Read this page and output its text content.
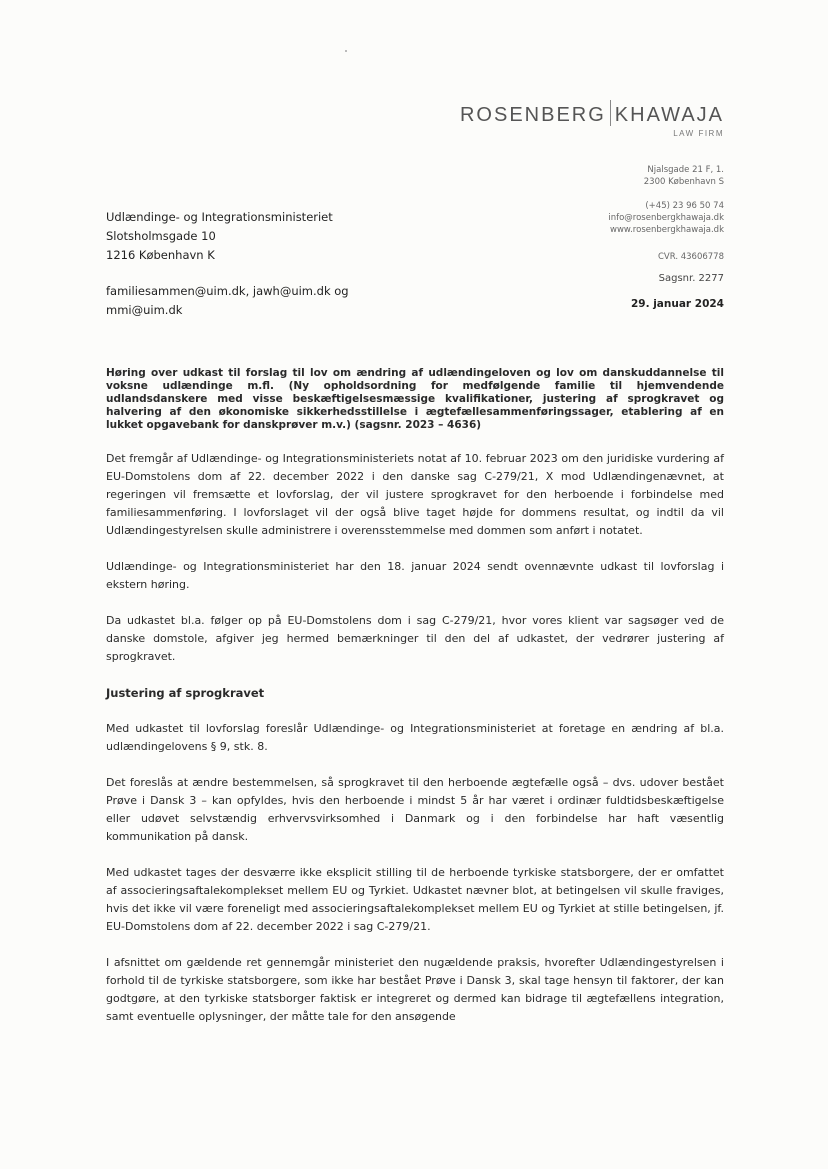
ROSENBERG KHAWAJA
LAW FIRM
Njalsgade 21 F, 1.
2300 København S
(+45) 23 96 50 74
info@rosenbergkhawaja.dk
www.rosenbergkhawaja.dk
CVR. 43606778
Sagsnr. 2277
29. januar 2024
Udlændinge- og Integrationsministeriet
Slotsholmsgade 10
1216 København K
familiesammen@uim.dk, jawh@uim.dk og
mmi@uim.dk

Høring over udkast til forslag til lov om ændring af udlændingeloven og lov om danskuddannelse til voksne udlændinge m.fl. (Ny opholdsordning for medfølgende familie til hjemvendende udlandsdanskere med visse beskæftigelsesmæssige kvalifikationer, justering af sprogkravet og halvering af den økonomiske sikkerhedsstillelse i ægtefællesammenføringssager, etablering af en lukket opgavebank for danskprøver m.v.) (sagsnr. 2023 – 4636)

Det fremgår af Udlændinge- og Integrationsministeriets notat af 10. februar 2023 om den juridiske vurdering af EU-Domstolens dom af 22. december 2022 i den danske sag C-279/21, X mod Udlændingenævnet, at regeringen vil fremsætte et lovforslag, der vil justere sprogkravet for den herboende i forbindelse med familiesammenføring. I lovforslaget vil der også blive taget højde for dommens resultat, og indtil da vil Udlændingestyrelsen skulle administrere i overensstemmelse med dommen som anført i notatet.

Udlændinge- og Integrationsministeriet har den 18. januar 2024 sendt ovennævnte udkast til lovforslag i ekstern høring.

Da udkastet bl.a. følger op på EU-Domstolens dom i sag C-279/21, hvor vores klient var sagsøger ved de danske domstole, afgiver jeg hermed bemærkninger til den del af udkastet, der vedrører justering af sprogkravet.

Justering af sprogkravet

Med udkastet til lovforslag foreslår Udlændinge- og Integrationsministeriet at foretage en ændring af bl.a. udlændingelovens § 9, stk. 8.

Det foreslås at ændre bestemmelsen, så sprogkravet til den herboende ægtefælle også – dvs. udover bestået Prøve i Dansk 3 – kan opfyldes, hvis den herboende i mindst 5 år har været i ordinær fuldtidsbeskæftigelse eller udøvet selvstændig erhvervsvirksomhed i Danmark og i den forbindelse har haft væsentlig kommunikation på dansk.

Med udkastet tages der desværre ikke eksplicit stilling til de herboende tyrkiske statsborgere, der er omfattet af associeringsaftalekomplekset mellem EU og Tyrkiet. Udkastet nævner blot, at betingelsen vil skulle fraviges, hvis det ikke vil være foreneligt med associeringsaftalekomplekset mellem EU og Tyrkiet at stille betingelsen, jf. EU-Domstolens dom af 22. december 2022 i sag C-279/21.

I afsnittet om gældende ret gennemgår ministeriet den nugældende praksis, hvorefter Udlændingestyrelsen i forhold til de tyrkiske statsborgere, som ikke har bestået Prøve i Dansk 3, skal tage hensyn til faktorer, der kan godtgøre, at den tyrkiske statsborger faktisk er integreret og dermed kan bidrage til ægtefællens integration, samt eventuelle oplysninger, der måtte tale for den ansøgende
